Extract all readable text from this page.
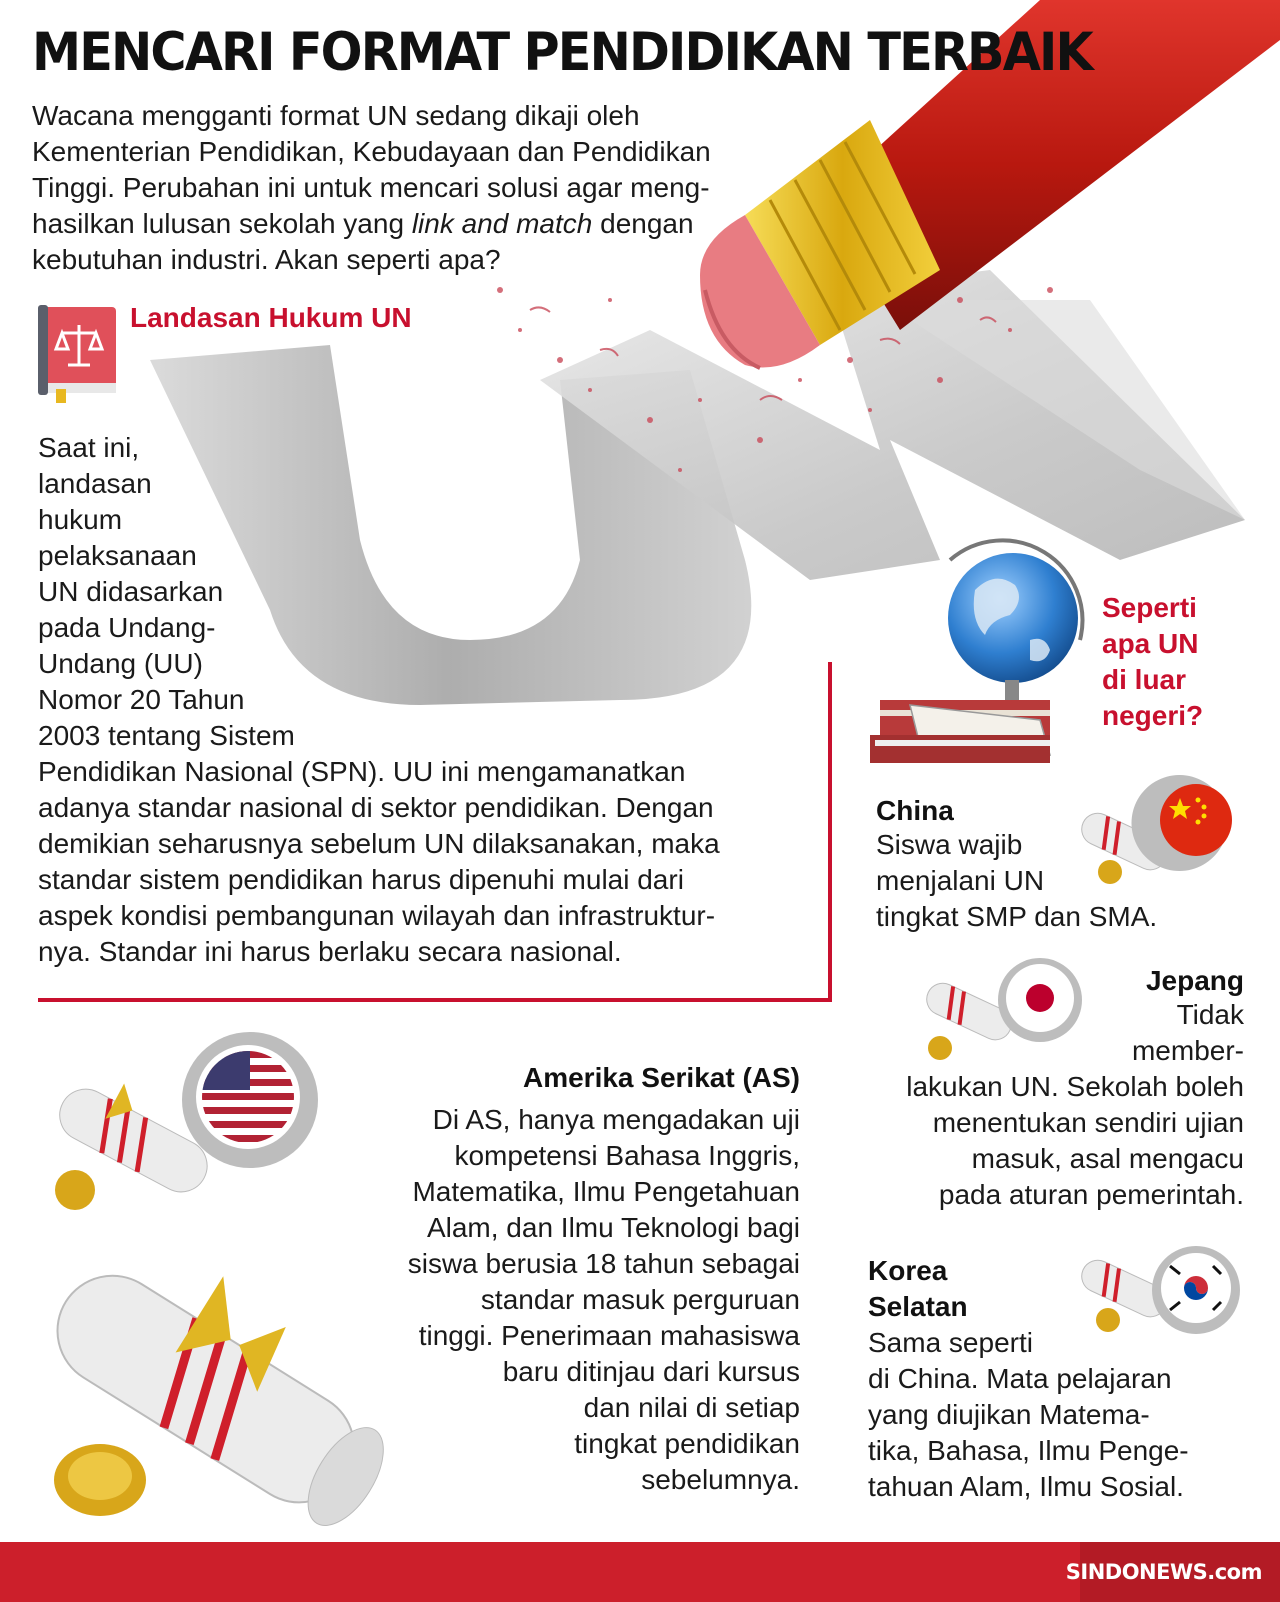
MENCARI FORMAT PENDIDIKAN TERBAIK
Wacana mengganti format UN sedang dikaji oleh
Kementerian Pendidikan, Kebudayaan dan Pendidikan
Tinggi. Perubahan ini untuk mencari solusi agar meng-
hasilkan lulusan sekolah yang link and match dengan
kebutuhan industri. Akan seperti apa?
Landasan Hukum UN
Saat ini,
landasan
hukum
pelaksanaan
UN didasarkan
pada Undang-
Undang (UU)
Nomor 20 Tahun
2003 tentang Sistem
Pendidikan Nasional (SPN). UU ini mengamanatkan
adanya standar nasional di sektor pendidikan. Dengan
demikian seharusnya sebelum UN dilaksanakan, maka
standar sistem pendidikan harus dipenuhi mulai dari
aspek kondisi pembangunan wilayah dan infrastruktur-
nya. Standar ini harus berlaku secara nasional.
Seperti
apa UN
di luar
negeri?
China
Siswa wajib
menjalani UN
tingkat SMP dan SMA.
Jepang
Tidak
member-
lakukan UN. Sekolah boleh
menentukan sendiri ujian
masuk, asal mengacu
pada aturan pemerintah.
Korea
Selatan
Sama seperti
di China. Mata pelajaran
yang diujikan Matema-
tika, Bahasa, Ilmu Penge-
tahuan Alam, Ilmu Sosial.
Amerika Serikat (AS)
Di AS, hanya mengadakan uji
kompetensi Bahasa Inggris,
Matematika, Ilmu Pengetahuan
Alam, dan Ilmu Teknologi bagi
siswa berusia 18 tahun sebagai
standar masuk perguruan
tinggi. Penerimaan mahasiswa
baru ditinjau dari kursus
dan nilai di setiap
tingkat pendidikan
sebelumnya.
SINDONEWS.com
